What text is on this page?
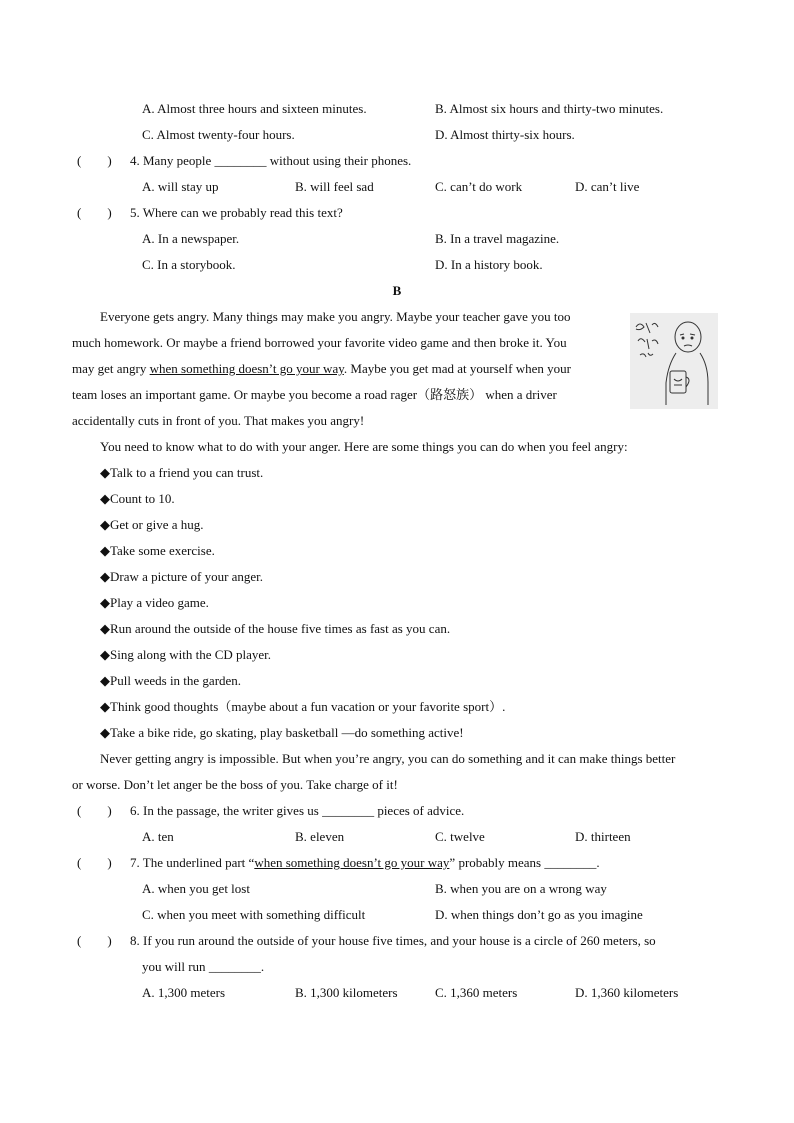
A. Almost three hours and sixteen minutes.	B. Almost six hours and thirty-two minutes.
C. Almost twenty-four hours.	D. Almost thirty-six hours.
(        ) 4. Many people ________ without using their phones.
A. will stay up	B. will feel sad	C. can’t do work	D. can’t live
(        ) 5. Where can we probably read this text?
A. In a newspaper.	B. In a travel magazine.
C. In a storybook.	D. In a history book.
B
Everyone gets angry. Many things may make you angry. Maybe your teacher gave you too
much homework. Or maybe a friend borrowed your favorite video game and then broke it. You
may get angry when something doesn’t go your way. Maybe you get mad at yourself when your
team loses an important game. Or maybe you become a road rager（路怒族） when a driver
accidentally cuts in front of you. That makes you angry!
You need to know what to do with your anger. Here are some things you can do when you feel angry:
◆Talk to a friend you can trust.
◆Count to 10.
◆Get or give a hug.
◆Take some exercise.
◆Draw a picture of your anger.
◆Play a video game.
◆Run around the outside of the house five times as fast as you can.
◆Sing along with the CD player.
◆Pull weeds in the garden.
◆Think good thoughts（maybe about a fun vacation or your favorite sport）.
◆Take a bike ride, go skating, play basketball —do something active!
Never getting angry is impossible. But when you’re angry, you can do something and it can make things better
or worse. Don’t let anger be the boss of you. Take charge of it!
(        ) 6. In the passage, the writer gives us ________ pieces of advice.
A. ten	B. eleven	C. twelve	D. thirteen
(        ) 7. The underlined part “when something doesn’t go your way” probably means ________.
A. when you get lost	B. when you are on a wrong way
C. when you meet with something difficult	D. when things don’t go as you imagine
(        ) 8. If you run around the outside of your house five times, and your house is a circle of 260 meters, so
you will run ________.
A. 1,300 meters	B. 1,300 kilometers	C. 1,360 meters	D. 1,360 kilometers
